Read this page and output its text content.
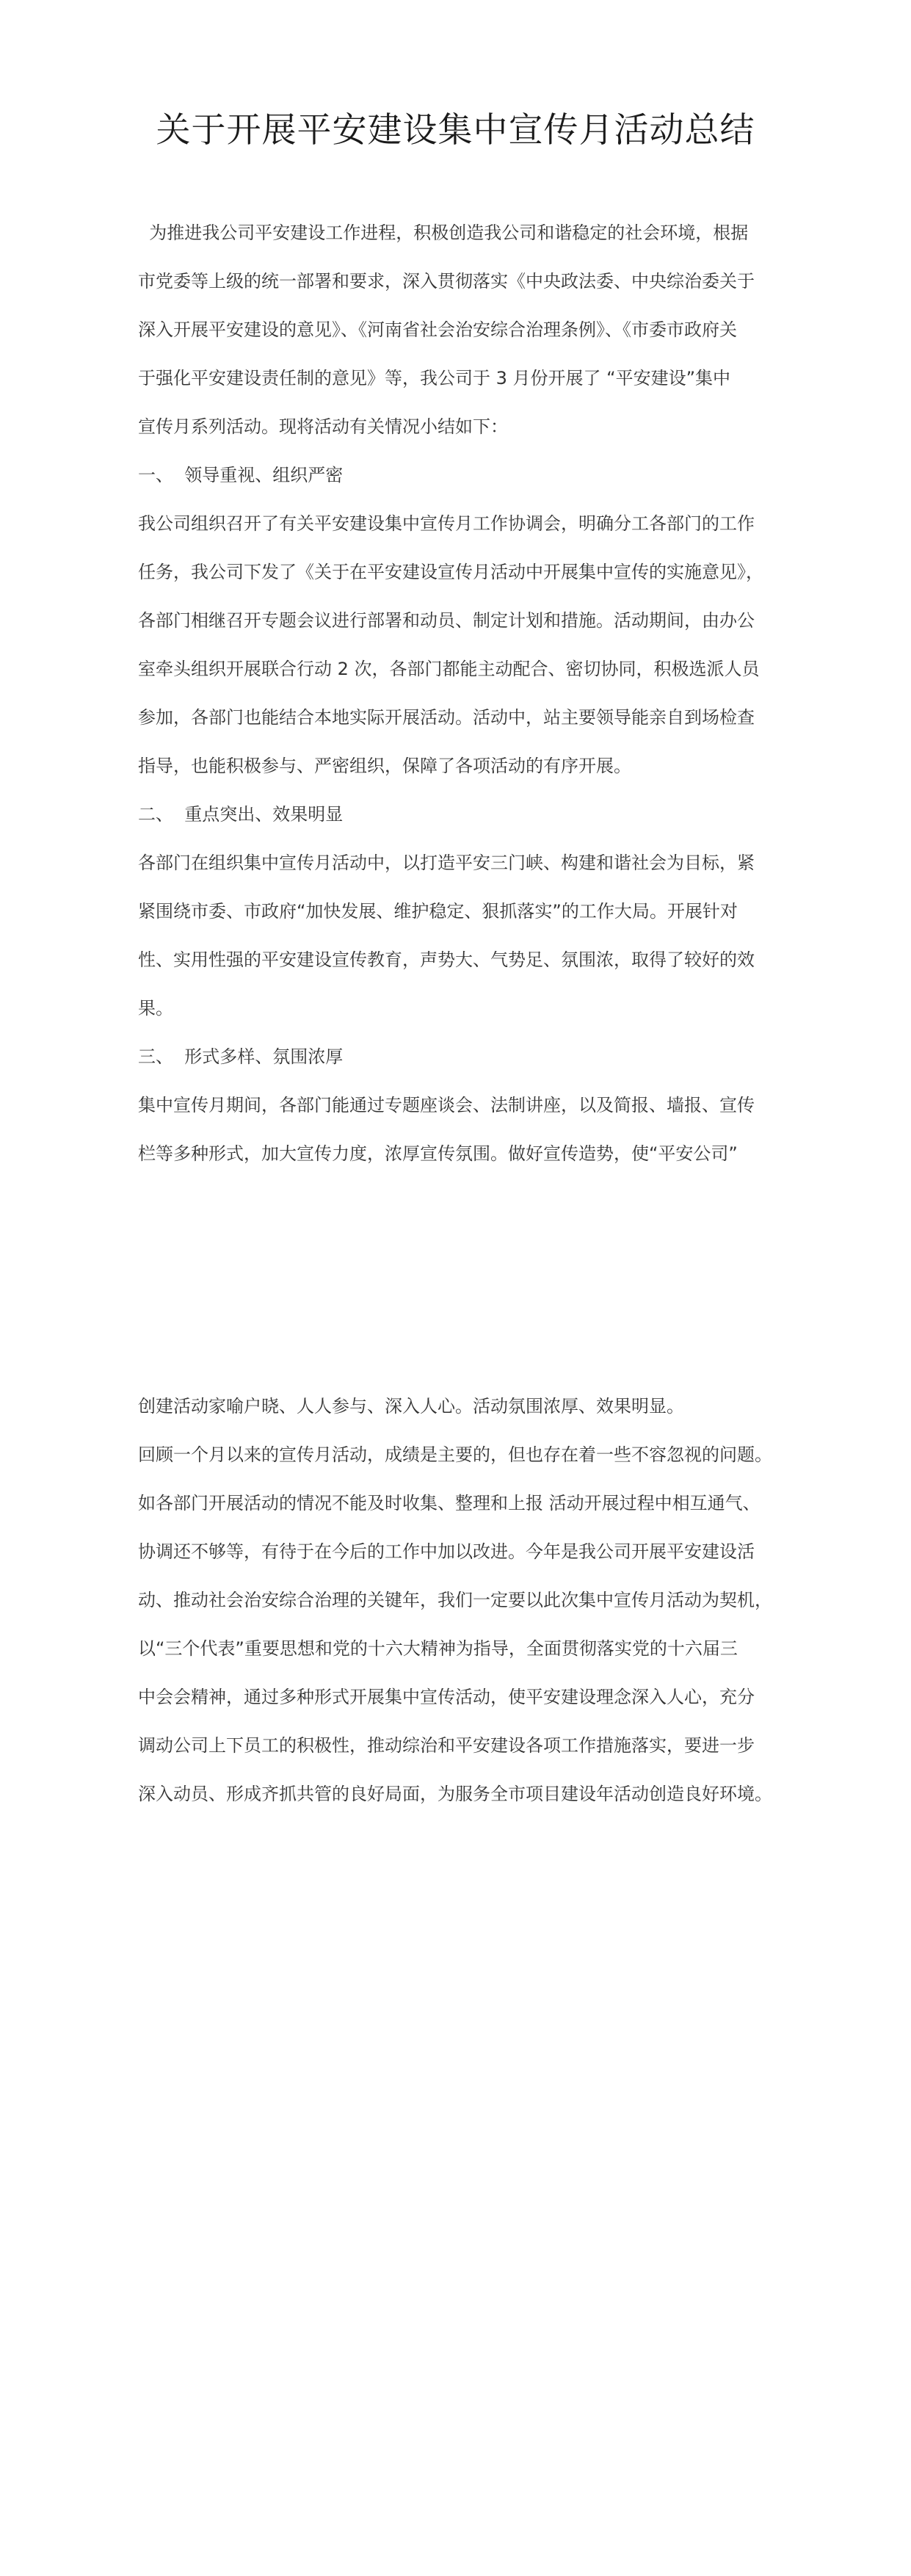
关于开展平安建设集中宣传月活动总结
为推进我公司平安建设工作进程，积极创造我公司和谐稳定的社会环境，根据
市党委等上级的统一部署和要求，深入贯彻落实《中央政法委、中央综治委关于
深入开展平安建设的意见》、《河南省社会治安综合治理条例》、《市委市政府关
于强化平安建设责任制的意见》等，我公司于 3 月份开展了 “平安建设”集中
宣传月系列活动。现将活动有关情况小结如下：
一、  领导重视、组织严密
我公司组织召开了有关平安建设集中宣传月工作协调会，明确分工各部门的工作
任务，我公司下发了《关于在平安建设宣传月活动中开展集中宣传的实施意见》，
各部门相继召开专题会议进行部署和动员、制定计划和措施。活动期间，由办公
室牵头组织开展联合行动 2 次，各部门都能主动配合、密切协同，积极选派人员
参加，各部门也能结合本地实际开展活动。活动中，站主要领导能亲自到场检查
指导，也能积极参与、严密组织，保障了各项活动的有序开展。
二、  重点突出、效果明显
各部门在组织集中宣传月活动中，以打造平安三门峡、构建和谐社会为目标，紧
紧围绕市委、市政府“加快发展、维护稳定、狠抓落实”的工作大局。开展针对
性、实用性强的平安建设宣传教育，声势大、气势足、氛围浓，取得了较好的效
果。
三、  形式多样、氛围浓厚
集中宣传月期间，各部门能通过专题座谈会、法制讲座，以及简报、墙报、宣传
栏等多种形式，加大宣传力度，浓厚宣传氛围。做好宣传造势，使“平安公司”
创建活动家喻户晓、人人参与、深入人心。活动氛围浓厚、效果明显。
回顾一个月以来的宣传月活动，成绩是主要的，但也存在着一些不容忽视的问题。
如各部门开展活动的情况不能及时收集、整理和上报 活动开展过程中相互通气、
协调还不够等，有待于在今后的工作中加以改进。今年是我公司开展平安建设活
动、推动社会治安综合治理的关键年，我们一定要以此次集中宣传月活动为契机，
以“三个代表”重要思想和党的十六大精神为指导，全面贯彻落实党的十六届三
中会会精神，通过多种形式开展集中宣传活动，使平安建设理念深入人心，充分
调动公司上下员工的积极性，推动综治和平安建设各项工作措施落实，要进一步
深入动员、形成齐抓共管的良好局面，为服务全市项目建设年活动创造良好环境。
